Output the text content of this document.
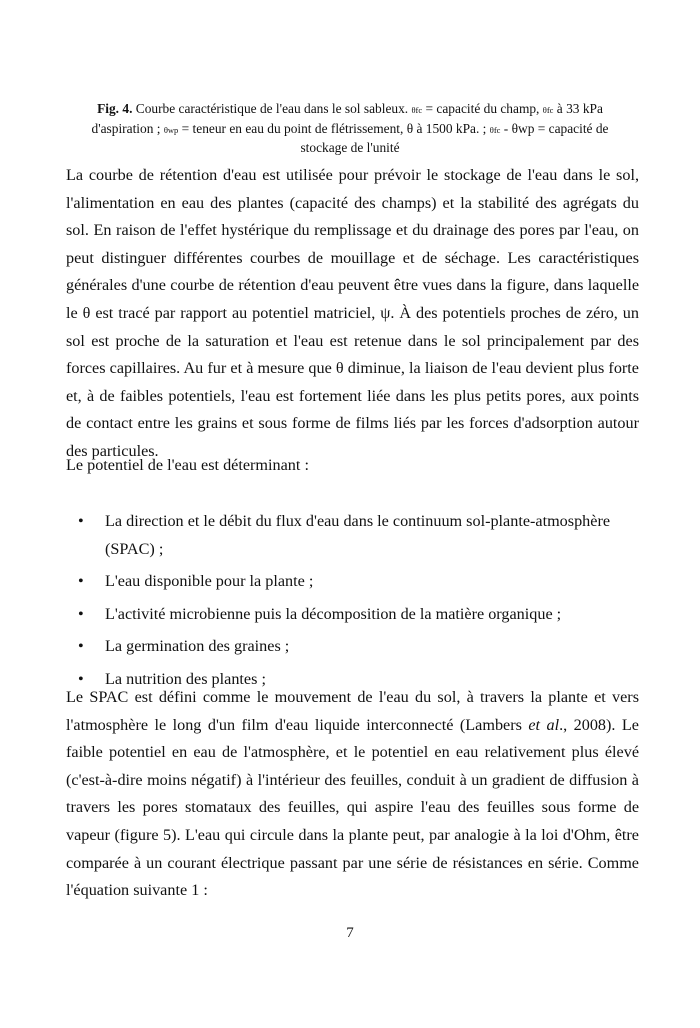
Fig. 4. Courbe caractéristique de l'eau dans le sol sableux. θfc = capacité du champ, θfc à 33 kPa d'aspiration ; θwp = teneur en eau du point de flétrissement, θ à 1500 kPa. ; θfc - θwp = capacité de stockage de l'unité

La courbe de rétention d'eau est utilisée pour prévoir le stockage de l'eau dans le sol, l'alimentation en eau des plantes (capacité des champs) et la stabilité des agrégats du sol. En raison de l'effet hystérique du remplissage et du drainage des pores par l'eau, on peut distinguer différentes courbes de mouillage et de séchage. Les caractéristiques générales d'une courbe de rétention d'eau peuvent être vues dans la figure, dans laquelle le θ est tracé par rapport au potentiel matriciel, ψ. À des potentiels proches de zéro, un sol est proche de la saturation et l'eau est retenue dans le sol principalement par des forces capillaires. Au fur et à mesure que θ diminue, la liaison de l'eau devient plus forte et, à de faibles potentiels, l'eau est fortement liée dans les plus petits pores, aux points de contact entre les grains et sous forme de films liés par les forces d'adsorption autour des particules.

Le potentiel de l'eau est déterminant :

• La direction et le débit du flux d'eau dans le continuum sol-plante-atmosphère (SPAC) ;
• L'eau disponible pour la plante ;
• L'activité microbienne puis la décomposition de la matière organique ;
• La germination des graines ;
• La nutrition des plantes ;

Le SPAC est défini comme le mouvement de l'eau du sol, à travers la plante et vers l'atmosphère le long d'un film d'eau liquide interconnecté (Lambers et al., 2008). Le faible potentiel en eau de l'atmosphère, et le potentiel en eau relativement plus élevé (c'est-à-dire moins négatif) à l'intérieur des feuilles, conduit à un gradient de diffusion à travers les pores stomataux des feuilles, qui aspire l'eau des feuilles sous forme de vapeur (figure 5). L'eau qui circule dans la plante peut, par analogie à la loi d'Ohm, être comparée à un courant électrique passant par une série de résistances en série. Comme l'équation suivante 1 :

7
